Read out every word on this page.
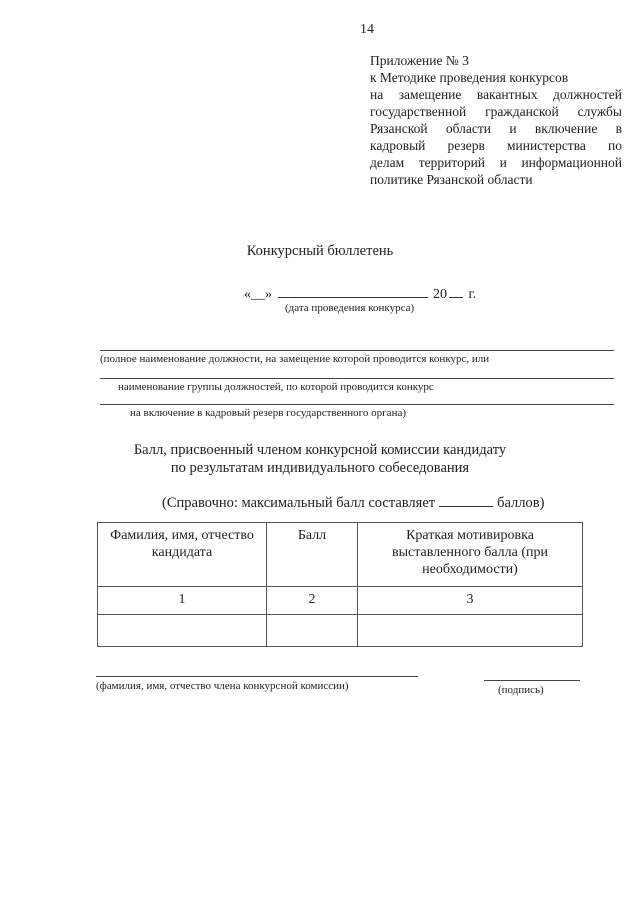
14
Приложение № 3
к Методике проведения конкурсов
на замещение вакантных должностей
государственной гражданской службы
Рязанской области и включение в
кадровый резерв министерства по
делам территорий и информационной
политике Рязанской области
Конкурсный бюллетень
«__»	20 г.
(дата проведения конкурса)
(полное наименование должности, на замещение которой проводится конкурс, или
наименование группы должностей, по которой проводится конкурс
на включение в кадровый резерв государственного органа)
Балл, присвоенный членом конкурсной комиссии кандидату
по результатам индивидуального собеседования
(Справочно: максимальный балл составляет	баллов)
Фамилия, имя, отчество кандидата	Балл	Краткая мотивировка выставленного балла (при необходимости)
1	2	3

(фамилия, имя, отчество члена конкурсной комиссии)	(подпись)
